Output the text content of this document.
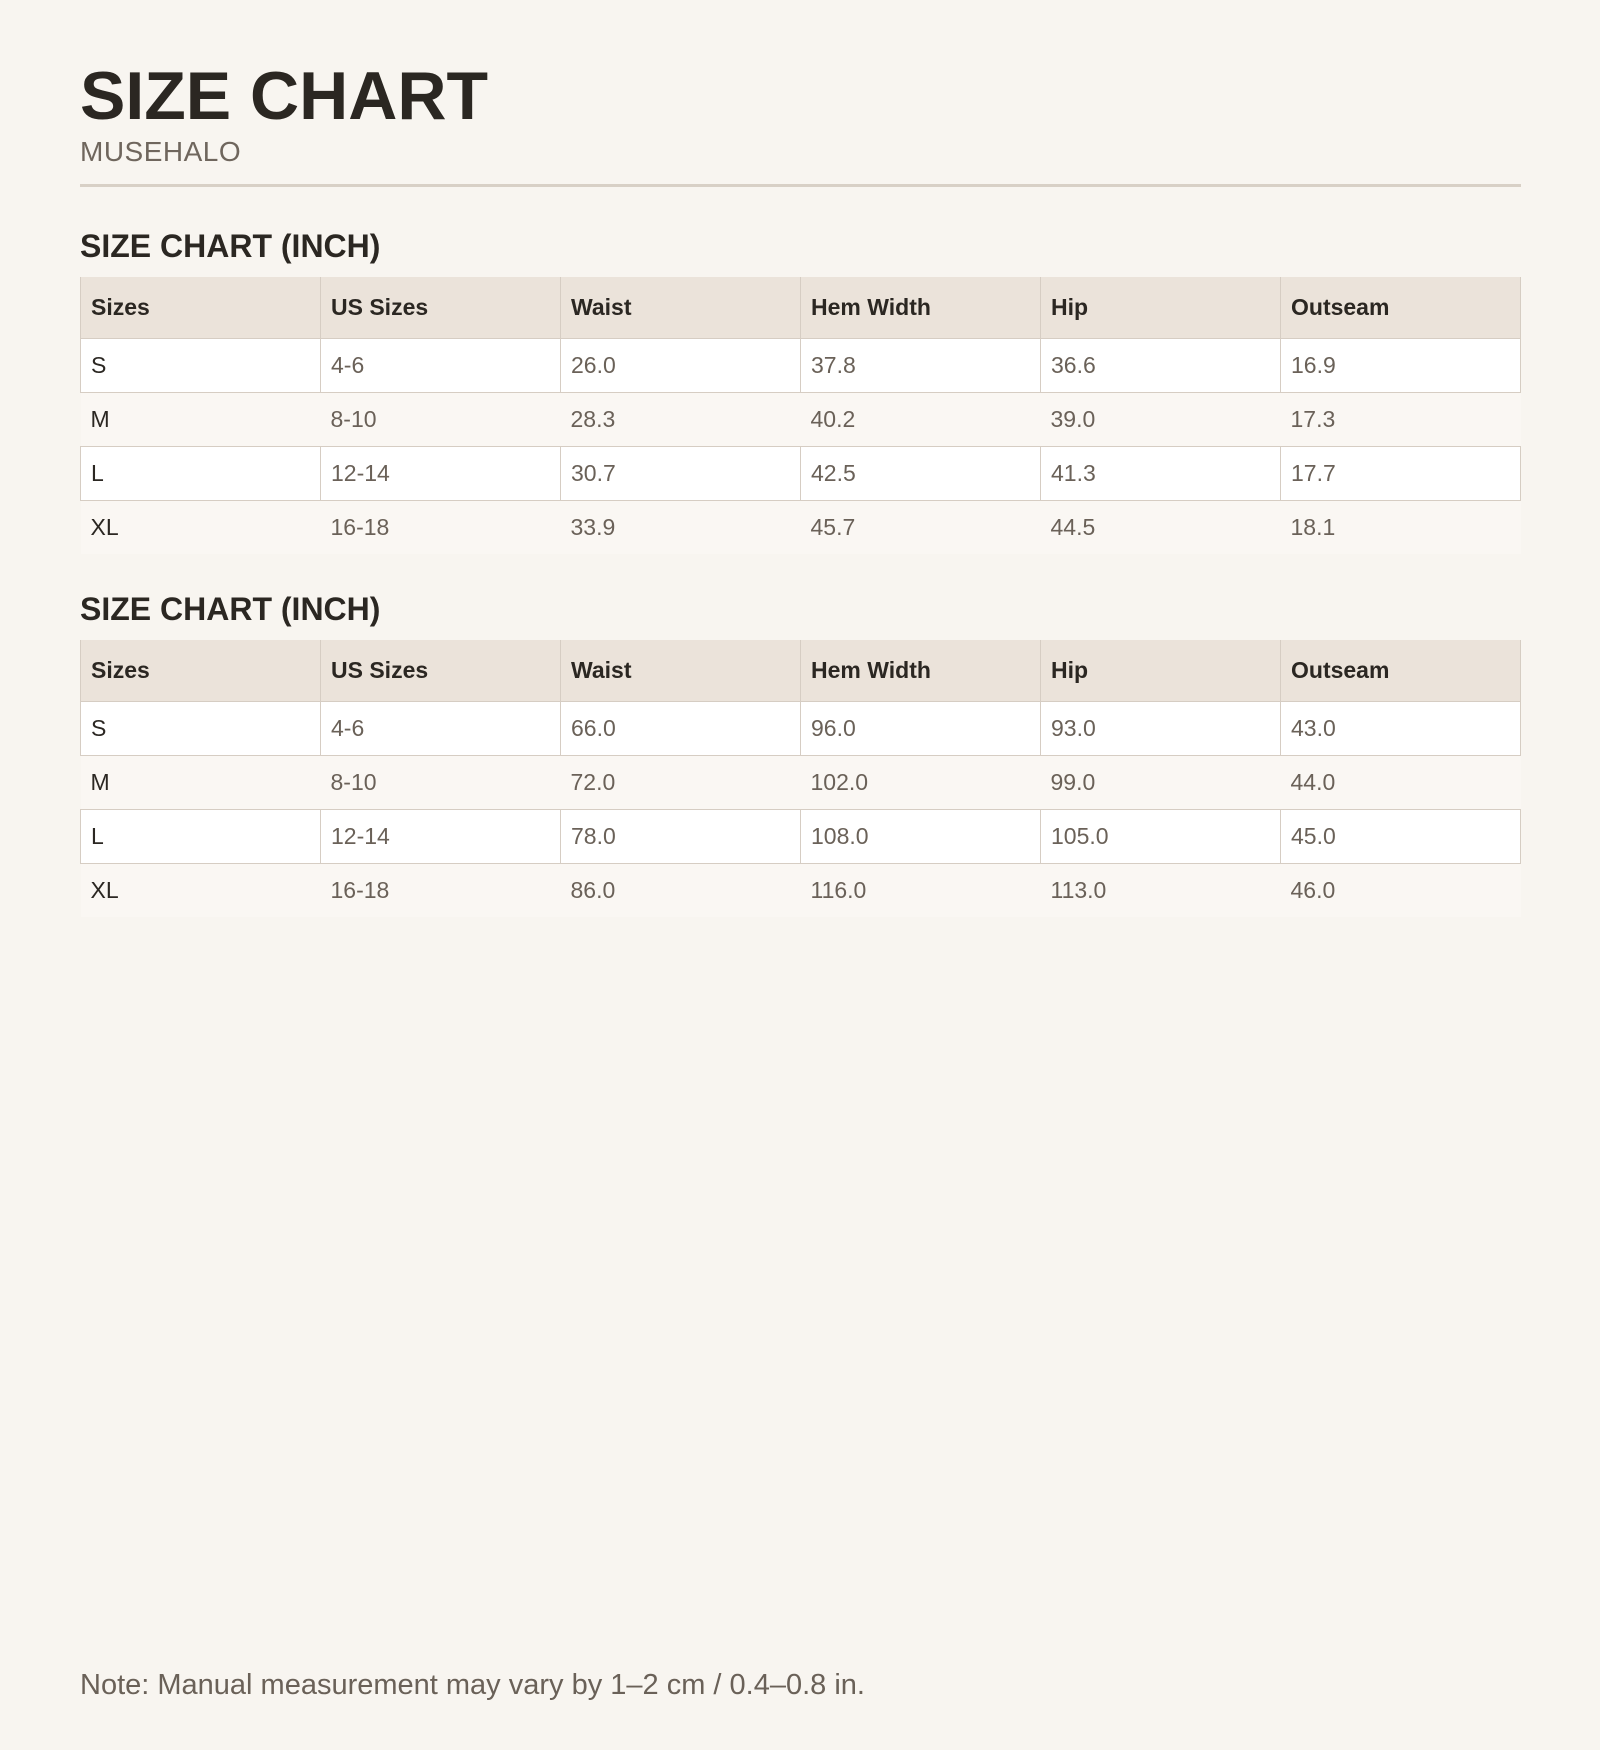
SIZE CHART
MUSEHALO
SIZE CHART (INCH)
Sizes	US Sizes	Waist	Hem Width	Hip	Outseam
S	4-6	26.0	37.8	36.6	16.9
M	8-10	28.3	40.2	39.0	17.3
L	12-14	30.7	42.5	41.3	17.7
XL	16-18	33.9	45.7	44.5	18.1
SIZE CHART (INCH)
Sizes	US Sizes	Waist	Hem Width	Hip	Outseam
S	4-6	66.0	96.0	93.0	43.0
M	8-10	72.0	102.0	99.0	44.0
L	12-14	78.0	108.0	105.0	45.0
XL	16-18	86.0	116.0	113.0	46.0
Note: Manual measurement may vary by 1–2 cm / 0.4–0.8 in.
